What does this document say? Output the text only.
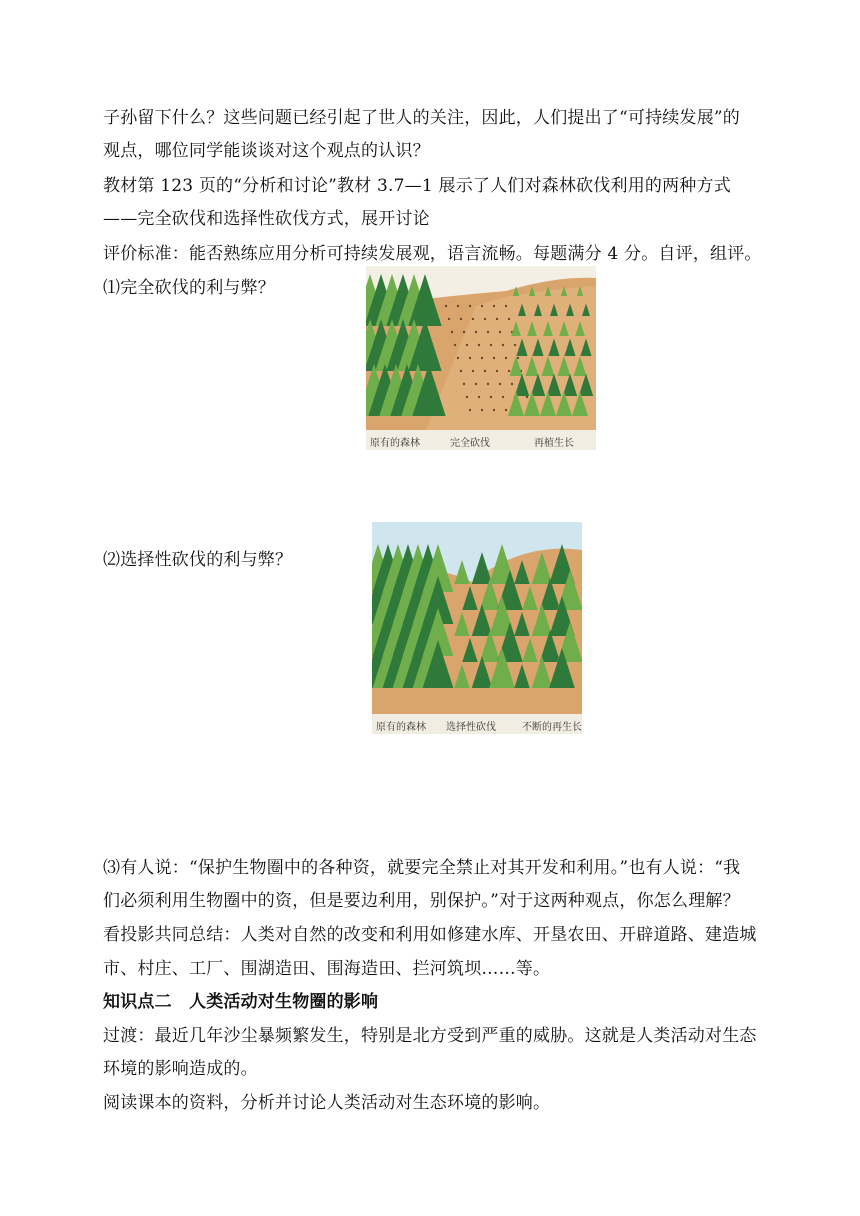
子孙留下什么？这些问题已经引起了世人的关注，因此，人们提出了“可持续发展”的
观点，哪位同学能谈谈对这个观点的认识？
教材第 123 页的“分析和讨论”教材 3.7—1 展示了人们对森林砍伐利用的两种方式
——完全砍伐和选择性砍伐方式，展开讨论
评价标准：能否熟练应用分析可持续发展观，语言流畅。每题满分 4 分。自评，组评。
⑴完全砍伐的利与弊？
原有的森林	完全砍伐	再植生长
⑵选择性砍伐的利与弊？
原有的森林 选择性砍伐	不断的再生长
⑶有人说：“保护生物圈中的各种资，就要完全禁止对其开发和利用。”也有人说：“我
们必须利用生物圈中的资，但是要边利用，别保护。”对于这两种观点，你怎么理解？
看投影共同总结：人类对自然的改变和利用如修建水库、开垦农田、开辟道路、建造城
市、村庄、工厂、围湖造田、围海造田、拦河筑坝……等。
知识点二　人类活动对生物圈的影响
过渡：最近几年沙尘暴频繁发生，特别是北方受到严重的威胁。这就是人类活动对生态
环境的影响造成的。
阅读课本的资料，分析并讨论人类活动对生态环境的影响。
